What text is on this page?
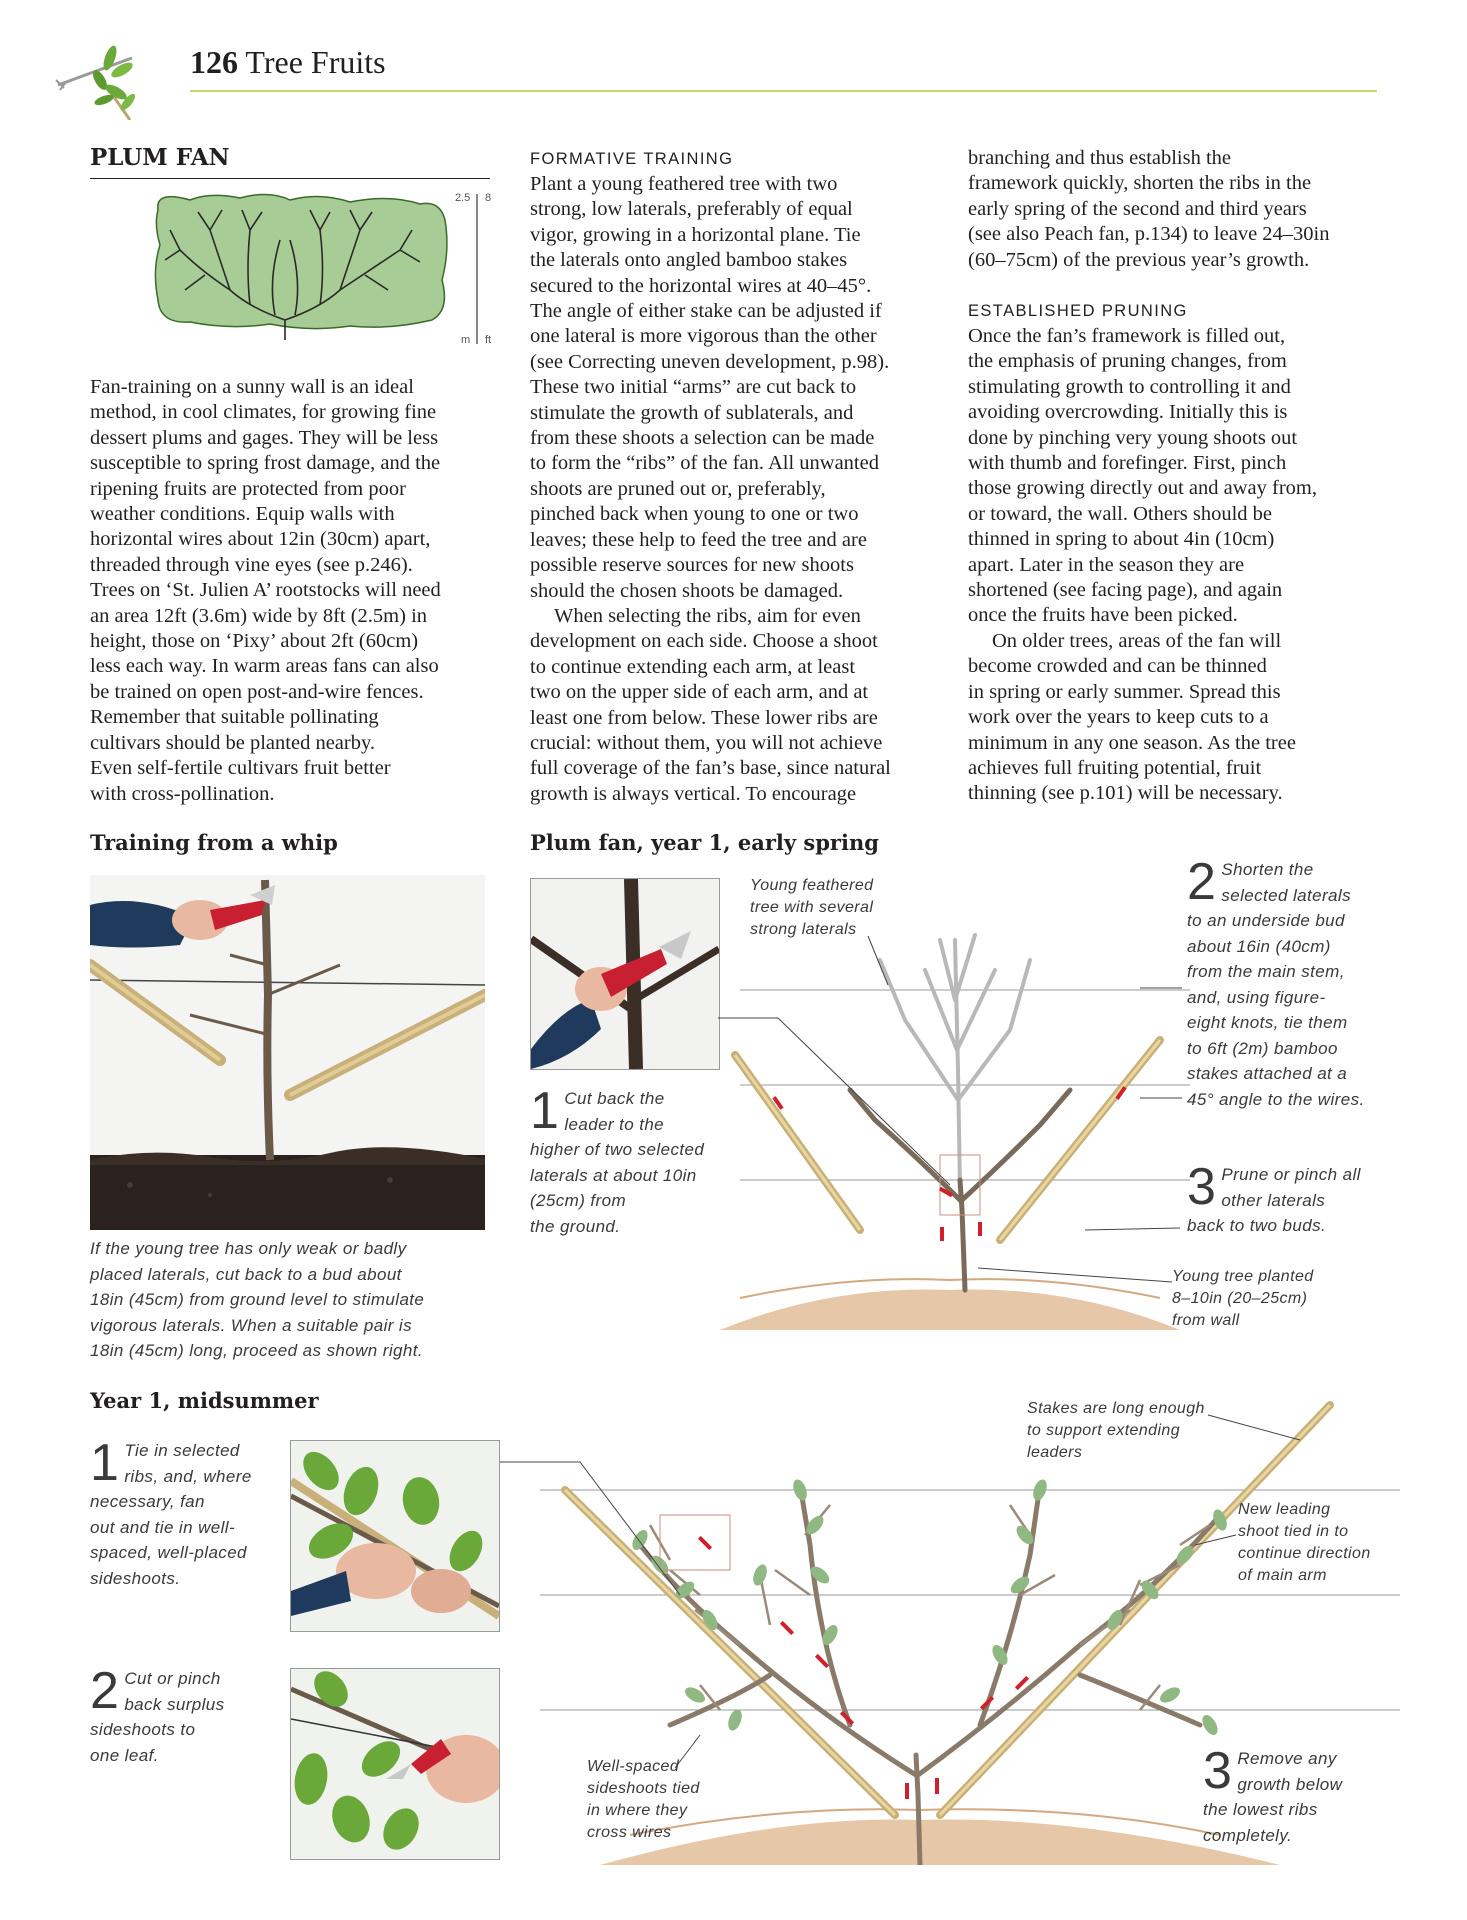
126 Tree Fruits
PLUM FAN
2.5 8
m ft

Fan-training on a sunny wall is an ideal

method, in cool climates, for growing fine

dessert plums and gages. They will be less

susceptible to spring frost damage, and the

ripening fruits are protected from poor

weather conditions. Equip walls with

horizontal wires about 12in (30cm) apart,

threaded through vine eyes (see p.246).

Trees on ‘St. Julien A’ rootstocks will need

an area 12ft (3.6m) wide by 8ft (2.5m) in

height, those on ‘Pixy’ about 2ft (60cm)

less each way. In warm areas fans can also

be trained on open post-and-wire fences.

Remember that suitable pollinating

cultivars should be planted nearby.

Even self-fertile cultivars fruit better

with cross-pollination.

FORMATIVE TRAINING

Plant a young feathered tree with two

strong, low laterals, preferably of equal

vigor, growing in a horizontal plane. Tie

the laterals onto angled bamboo stakes

secured to the horizontal wires at 40–45°.

The angle of either stake can be adjusted if

one lateral is more vigorous than the other

(see Correcting uneven development, p.98).

These two initial “arms” are cut back to

stimulate the growth of sublaterals, and

from these shoots a selection can be made

to form the “ribs” of the fan. All unwanted

shoots are pruned out or, preferably,

pinched back when young to one or two

leaves; these help to feed the tree and are

possible reserve sources for new shoots

should the chosen shoots be damaged.

When selecting the ribs, aim for even

development on each side. Choose a shoot

to continue extending each arm, at least

two on the upper side of each arm, and at

least one from below. These lower ribs are

crucial: without them, you will not achieve

full coverage of the fan’s base, since natural

growth is always vertical. To encourage

branching and thus establish the

framework quickly, shorten the ribs in the

early spring of the second and third years

(see also Peach fan, p.134) to leave 24–30in

(60–75cm) of the previous year’s growth.

ESTABLISHED PRUNING

Once the fan’s framework is filled out,

the emphasis of pruning changes, from

stimulating growth to controlling it and

avoiding overcrowding. Initially this is

done by pinching very young shoots out

with thumb and forefinger. First, pinch

those growing directly out and away from,

or toward, the wall. Others should be

thinned in spring to about 4in (10cm)

apart. Later in the season they are

shortened (see facing page), and again

once the fruits have been picked.

On older trees, areas of the fan will

become crowded and can be thinned

in spring or early summer. Spread this

work over the years to keep cuts to a

minimum in any one season. As the tree

achieves full fruiting potential, fruit

thinning (see p.101) will be necessary.

Training from a whip
If the young tree has only weak or badly
placed laterals, cut back to a bud about
18in (45cm) from ground level to stimulate
vigorous laterals. When a suitable pair is
18in (45cm) long, proceed as shown right.
Plum fan, year 1, early spring
Young feathered
tree with several
strong laterals
1 Cut back the
leader to the
higher of two selected
laterals at about 10in
(25cm) from
the ground.
2 Shorten the
selected laterals
to an underside bud
about 16in (40cm)
from the main stem,
and, using figure-
eight knots, tie them
to 6ft (2m) bamboo
stakes attached at a
45° angle to the wires.
3 Prune or pinch all
other laterals
back to two buds.
Young tree planted
8–10in (20–25cm)
from wall
Year 1, midsummer
1 Tie in selected
ribs, and, where
necessary, fan
out and tie in well-
spaced, well-placed
sideshoots.
2 Cut or pinch
back surplus
sideshoots to
one leaf.
Stakes are long enough
to support extending
leaders
New leading
shoot tied in to
continue direction
of main arm
Well-spaced
sideshoots tied
in where they
cross wires
3 Remove any
growth below
the lowest ribs
completely.
